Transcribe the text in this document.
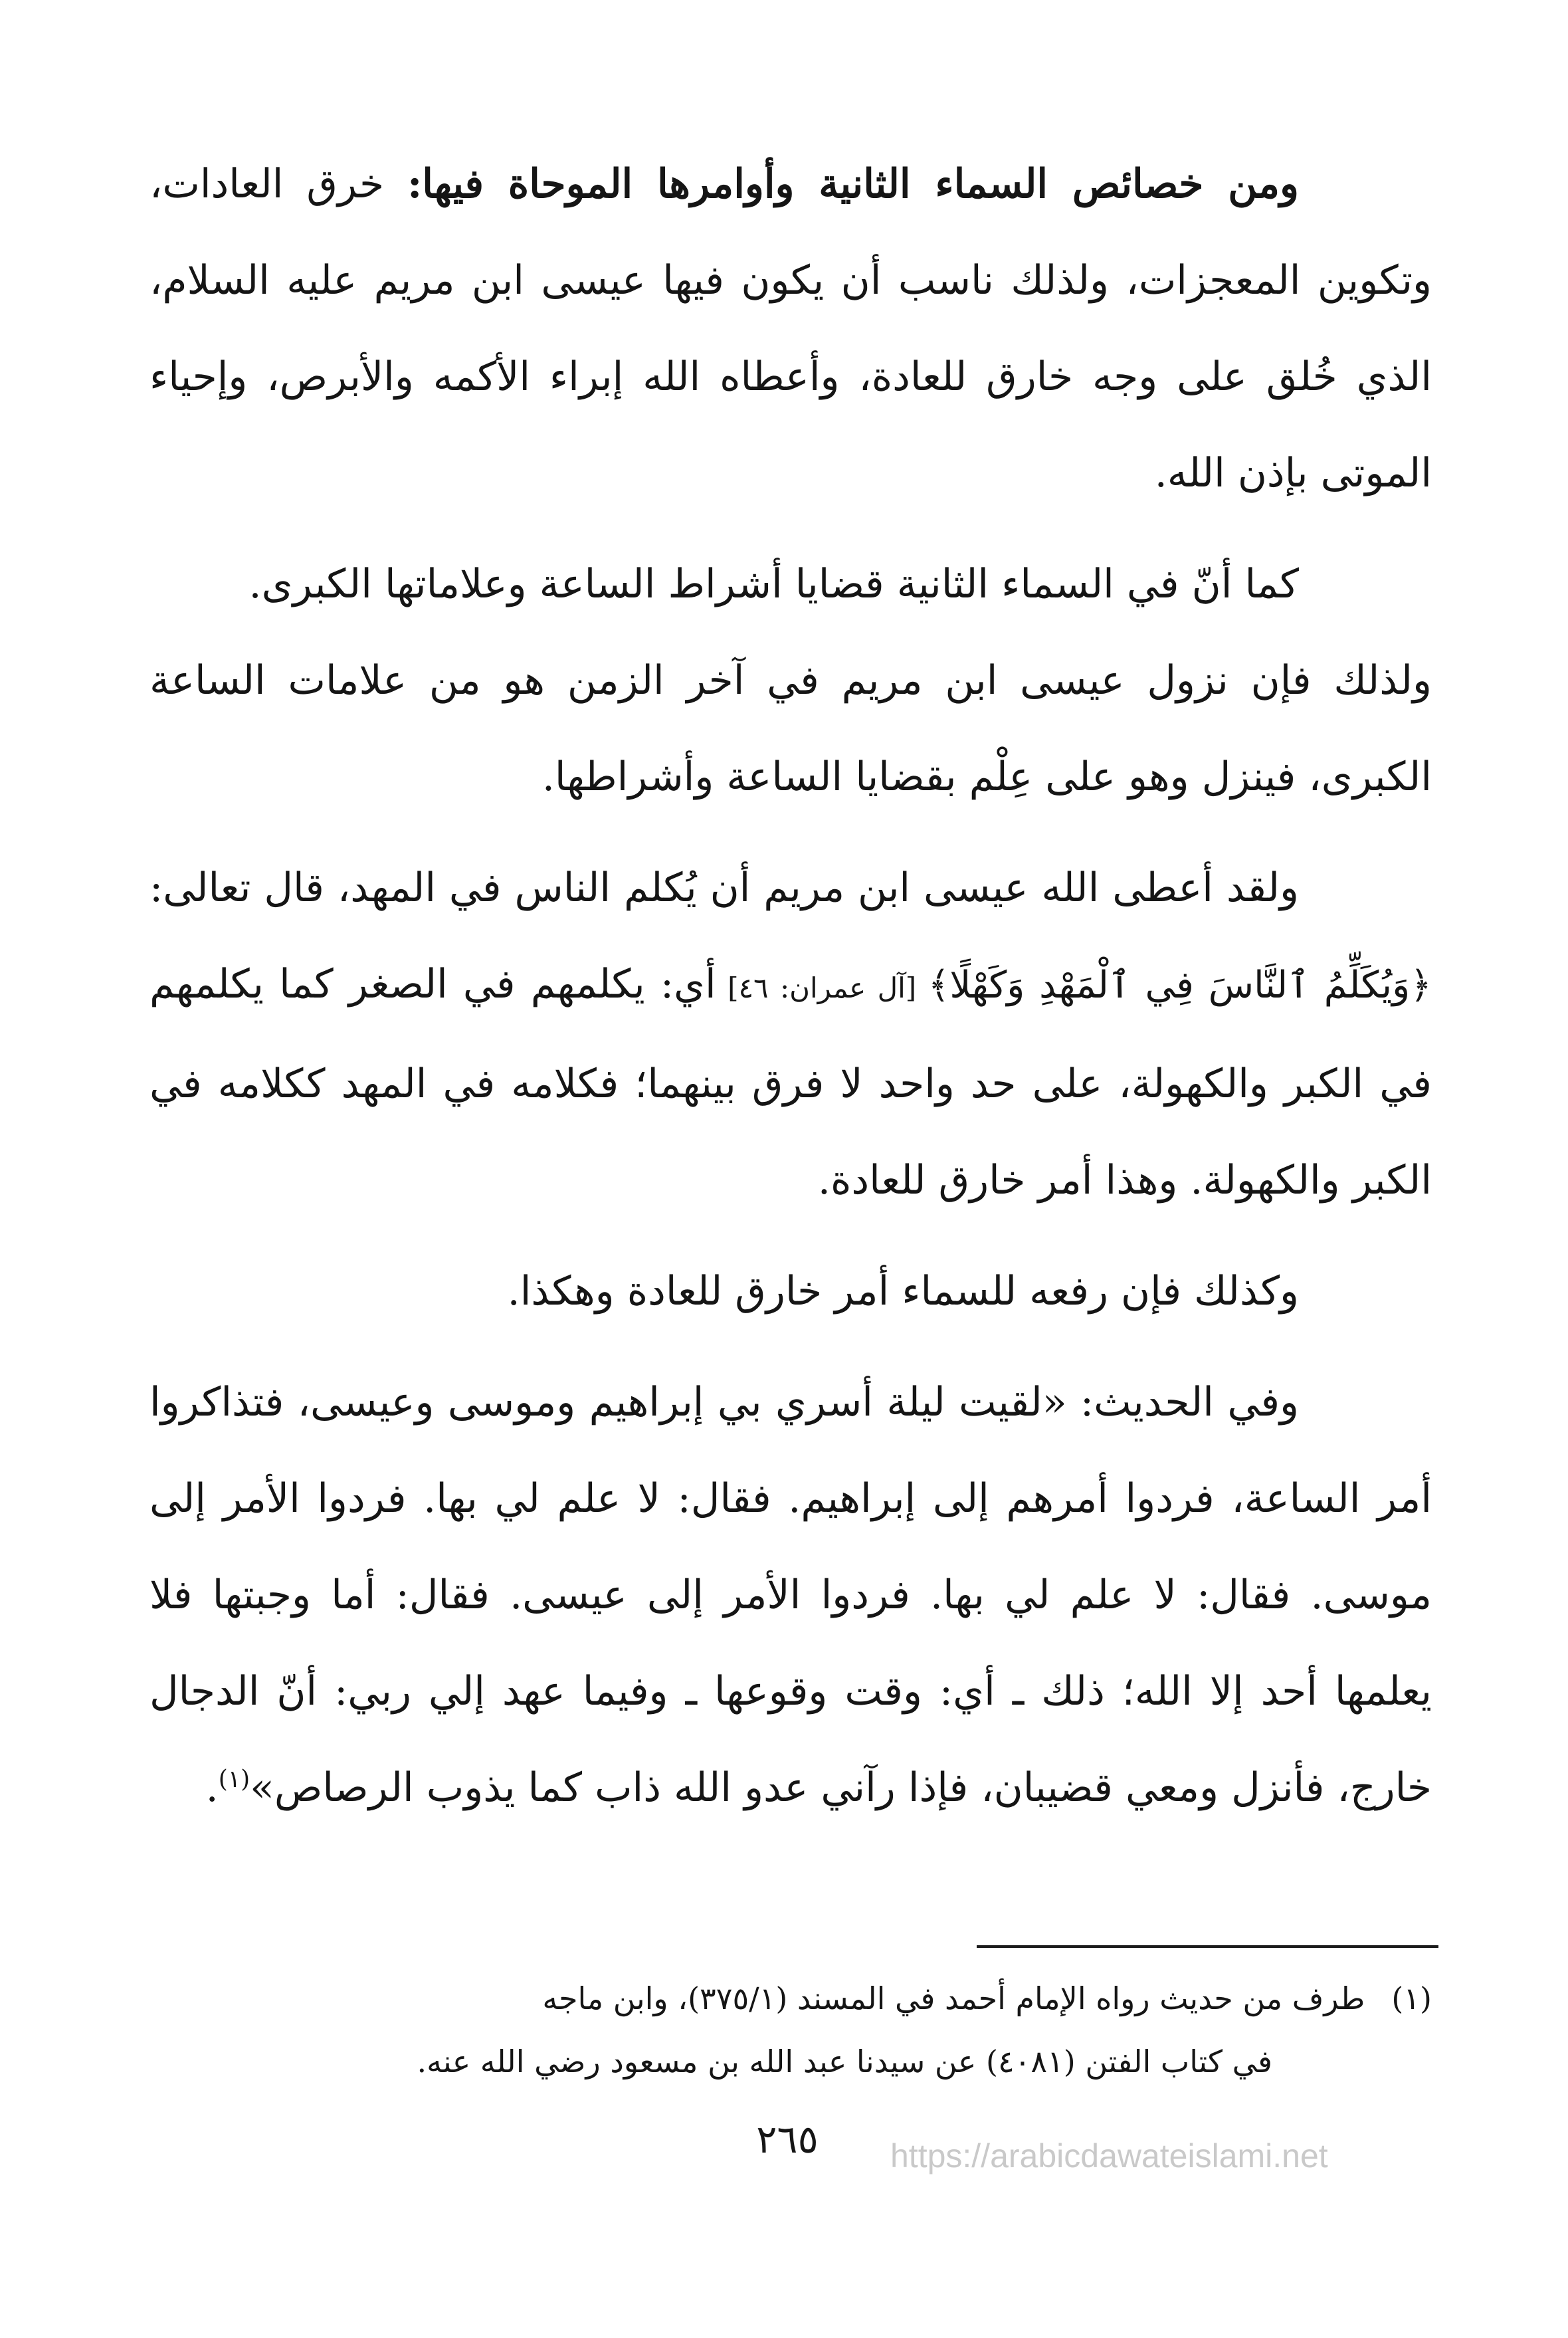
ومن خصائص السماء الثانية وأوامرها الموحاة فيها: خرق العادات، وتكوين المعجزات، ولذلك ناسب أن يكون فيها عيسى ابن مريم عليه السلام، الذي خُلق على وجه خارق للعادة، وأعطاه الله إبراء الأكمه والأبرص، وإحياء الموتى بإذن الله.

كما أنّ في السماء الثانية قضايا أشراط الساعة وعلاماتها الكبرى.
ولذلك فإن نزول عيسى ابن مريم في آخر الزمن هو من علامات الساعة الكبرى، فينزل وهو على عِلْم بقضايا الساعة وأشراطها.

ولقد أعطى الله عيسى ابن مريم أن يُكلم الناس في المهد، قال تعالى: ﴿وَيُكَلِّمُ ٱلنَّاسَ فِي ٱلْمَهْدِ وَكَهْلًا﴾ [آل عمران: ٤٦] أي: يكلمهم في الصغر كما يكلمهم في الكبر والكهولة، على حد واحد لا فرق بينهما؛ فكلامه في المهد ككلامه في الكبر والكهولة. وهذا أمر خارق للعادة.

وكذلك فإن رفعه للسماء أمر خارق للعادة وهكذا.

وفي الحديث: «لقيت ليلة أسري بي إبراهيم وموسى وعيسى، فتذاكروا أمر الساعة، فردوا أمرهم إلى إبراهيم. فقال: لا علم لي بها. فردوا الأمر إلى موسى. فقال: لا علم لي بها. فردوا الأمر إلى عيسى. فقال: أما وجبتها فلا يعلمها أحد إلا الله؛ ذلك ـ أي: وقت وقوعها ـ وفيما عهد إلي ربي: أنّ الدجال خارج، فأنزل ومعي قضيبان، فإذا رآني عدو الله ذاب كما يذوب الرصاص»$^{(١)}$.

(١)طرف من حديث رواه الإمام أحمد في المسند (٣٧٥/١)، وابن ماجه
في كتاب الفتن (٤٠٨١) عن سيدنا عبد الله بن مسعود رضي الله عنه.

٢٦٥	https://arabicdawateislami.net
